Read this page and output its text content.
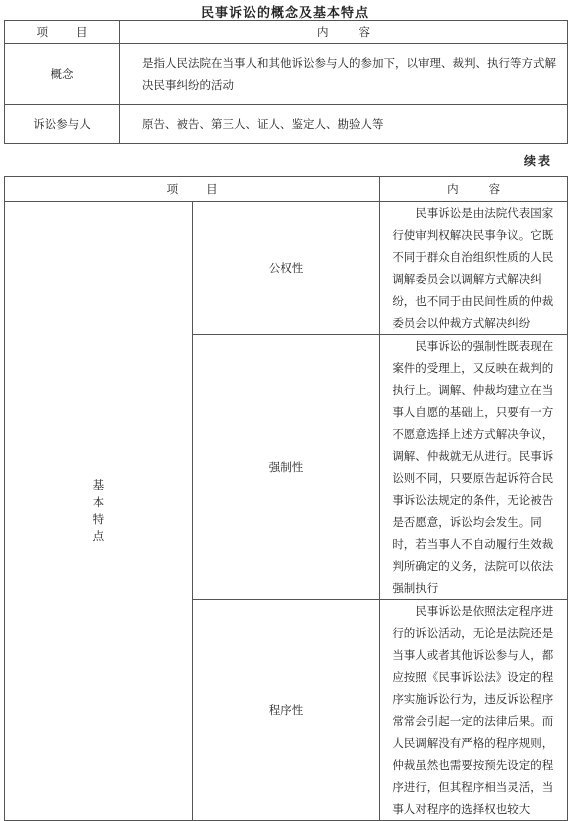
民事诉讼的概念及基本特点
项目	内容
概念	是指人民法院在当事人和其他诉讼参与人的参加下，以审理、裁判、执行等方式解决民事纠纷的活动
诉讼参与人	原告、被告、第三人、证人、鉴定人、勘验人等
续表
项目		内容
基本特点	公权性	民事诉讼是由法院代表国家行使审判权解决民事争议。它既不同于群众自治组织性质的人民调解委员会以调解方式解决纠纷，也不同于由民间性质的仲裁委员会以仲裁方式解决纠纷
	强制性	民事诉讼的强制性既表现在案件的受理上，又反映在裁判的执行上。调解、仲裁均建立在当事人自愿的基础上，只要有一方不愿意选择上述方式解决争议，调解、仲裁就无从进行。民事诉讼则不同，只要原告起诉符合民事诉讼法规定的条件，无论被告是否愿意，诉讼均会发生。同时，若当事人不自动履行生效裁判所确定的义务，法院可以依法强制执行
	程序性	民事诉讼是依照法定程序进行的诉讼活动，无论是法院还是当事人或者其他诉讼参与人，都应按照《民事诉讼法》设定的程序实施诉讼行为，违反诉讼程序常常会引起一定的法律后果。而人民调解没有严格的程序规则，仲裁虽然也需要按预先设定的程序进行，但其程序相当灵活，当事人对程序的选择权也较大
